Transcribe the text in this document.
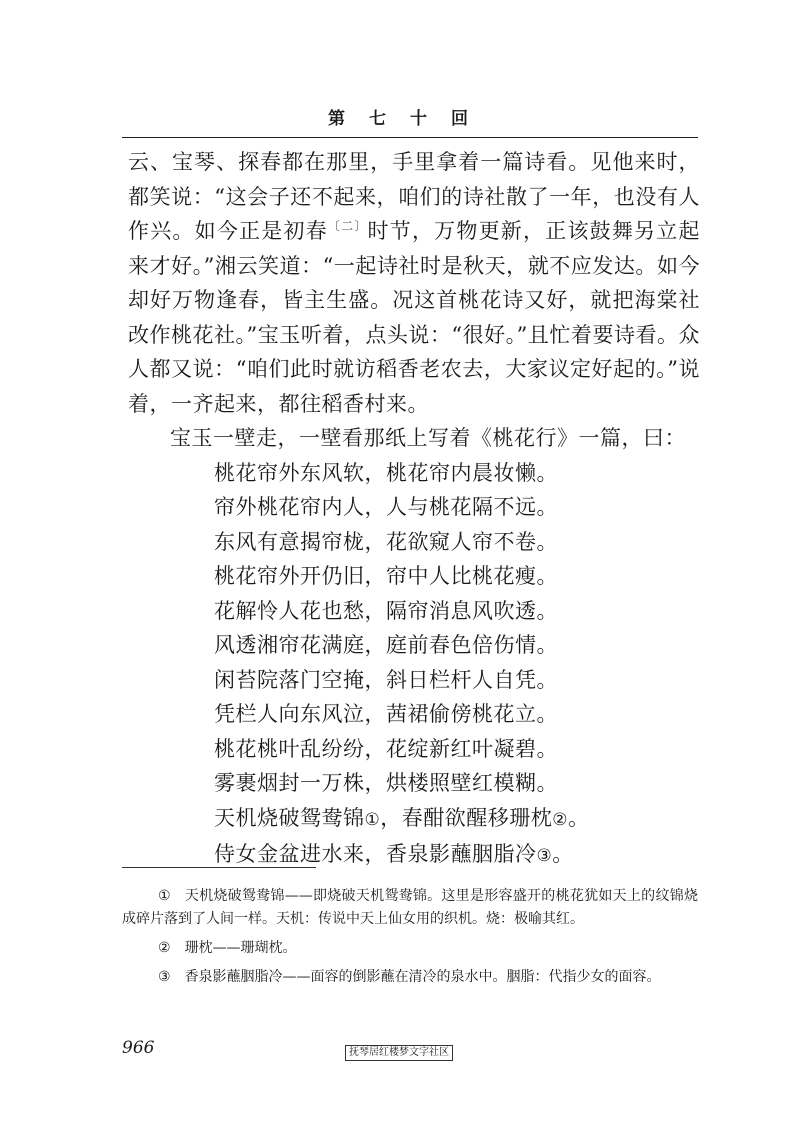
第七十回

云、宝琴、探春都在那里，手里拿着一篇诗看。见他来时，都笑说：“这会子还不起来，咱们的诗社散了一年，也没有人作兴。如今正是初春$^{〔二〕}$时节，万物更新，正该鼓舞另立起来才好。”湘云笑道：“一起诗社时是秋天，就不应发达。如今却好万物逢春，皆主生盛。况这首桃花诗又好，就把海棠社改作桃花社。”宝玉听着，点头说：“很好。”且忙着要诗看。众人都又说：“咱们此时就访稻香老农去，大家议定好起的。”说着，一齐起来，都往稻香村来。

宝玉一壁走，一壁看那纸上写着《桃花行》一篇，曰：

桃花帘外东风软，桃花帘内晨妆懒。
帘外桃花帘内人，人与桃花隔不远。
东风有意揭帘栊，花欲窥人帘不卷。
桃花帘外开仍旧，帘中人比桃花瘦。
花解怜人花也愁，隔帘消息风吹透。
风透湘帘花满庭，庭前春色倍伤情。
闲苔院落门空掩，斜日栏杆人自凭。
凭栏人向东风泣，茜裙偷傍桃花立。
桃花桃叶乱纷纷，花绽新红叶凝碧。
雾裹烟封一万株，烘楼照壁红模糊。
天机烧破鸳鸯锦①，春酣欲醒移珊枕②。
侍女金盆进水来，香泉影蘸胭脂冷③。

① 天机烧破鸳鸯锦——即烧破天机鸳鸯锦。这里是形容盛开的桃花犹如天上的纹锦烧成碎片落到了人间一样。天机：传说中天上仙女用的织机。烧：极喻其红。

② 珊枕——珊瑚枕。

③ 香泉影蘸胭脂冷——面容的倒影蘸在清冷的泉水中。胭脂：代指少女的面容。

966	抚琴居红楼梦文字社区
